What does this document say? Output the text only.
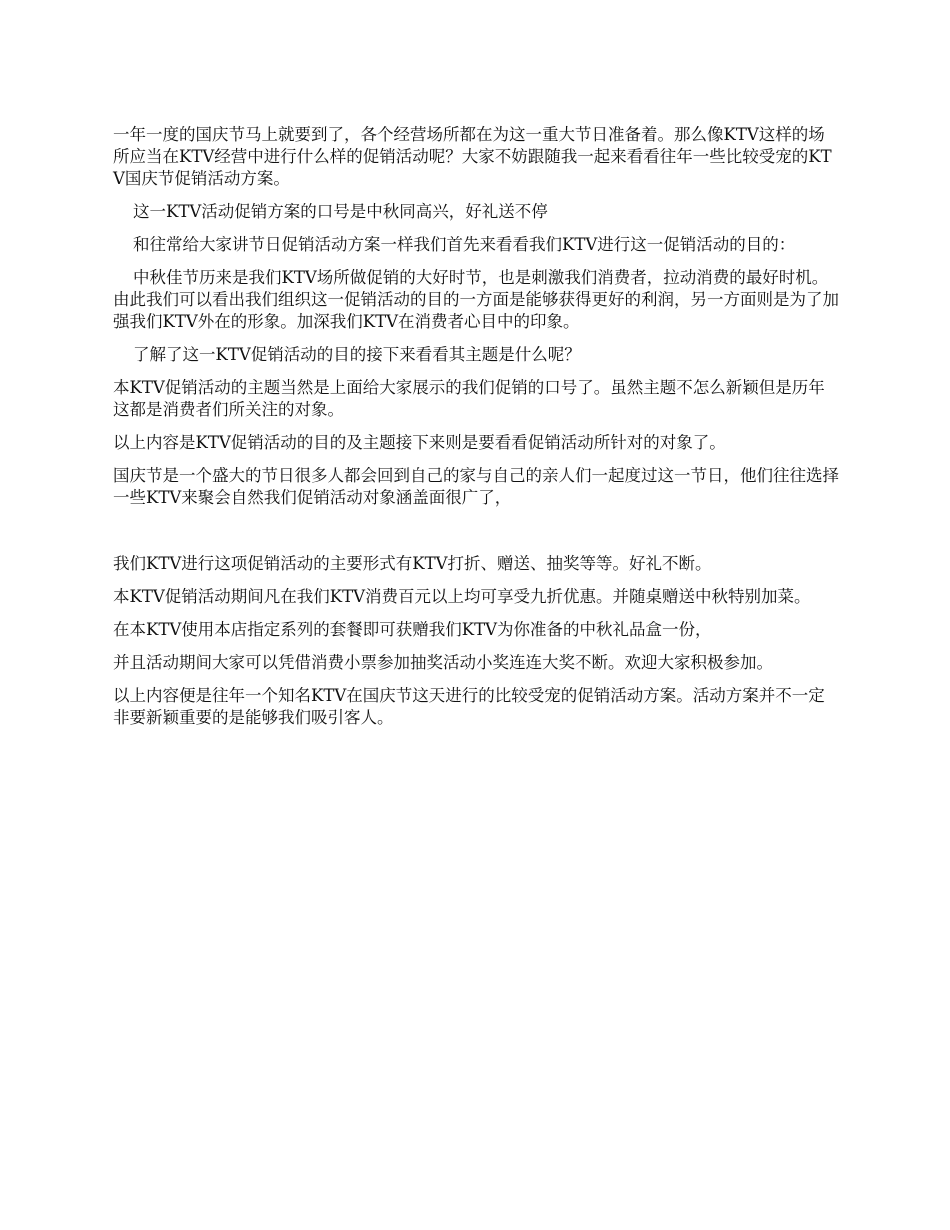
一年一度的国庆节马上就要到了，各个经营场所都在为这一重大节日准备着。那么像KTV这样的场所应当在KTV经营中进行什么样的促销活动呢？大家不妨跟随我一起来看看往年一些比较受宠的KTV国庆节促销活动方案。

这一KTV活动促销方案的口号是中秋同高兴，好礼送不停

和往常给大家讲节日促销活动方案一样我们首先来看看我们KTV进行这一促销活动的目的：

中秋佳节历来是我们KTV场所做促销的大好时节，也是刺激我们消费者，拉动消费的最好时机。由此我们可以看出我们组织这一促销活动的目的一方面是能够获得更好的利润，另一方面则是为了加强我们KTV外在的形象。加深我们KTV在消费者心目中的印象。

了解了这一KTV促销活动的目的接下来看看其主题是什么呢？

本KTV促销活动的主题当然是上面给大家展示的我们促销的口号了。虽然主题不怎么新颖但是历年这都是消费者们所关注的对象。

以上内容是KTV促销活动的目的及主题接下来则是要看看促销活动所针对的对象了。

国庆节是一个盛大的节日很多人都会回到自己的家与自己的亲人们一起度过这一节日，他们往往选择一些KTV来聚会自然我们促销活动对象涵盖面很广了，

我们KTV进行这项促销活动的主要形式有KTV打折、赠送、抽奖等等。好礼不断。

本KTV促销活动期间凡在我们KTV消费百元以上均可享受九折优惠。并随桌赠送中秋特别加菜。

在本KTV使用本店指定系列的套餐即可获赠我们KTV为你准备的中秋礼品盒一份，

并且活动期间大家可以凭借消费小票参加抽奖活动小奖连连大奖不断。欢迎大家积极参加。

以上内容便是往年一个知名KTV在国庆节这天进行的比较受宠的促销活动方案。活动方案并不一定非要新颖重要的是能够我们吸引客人。
